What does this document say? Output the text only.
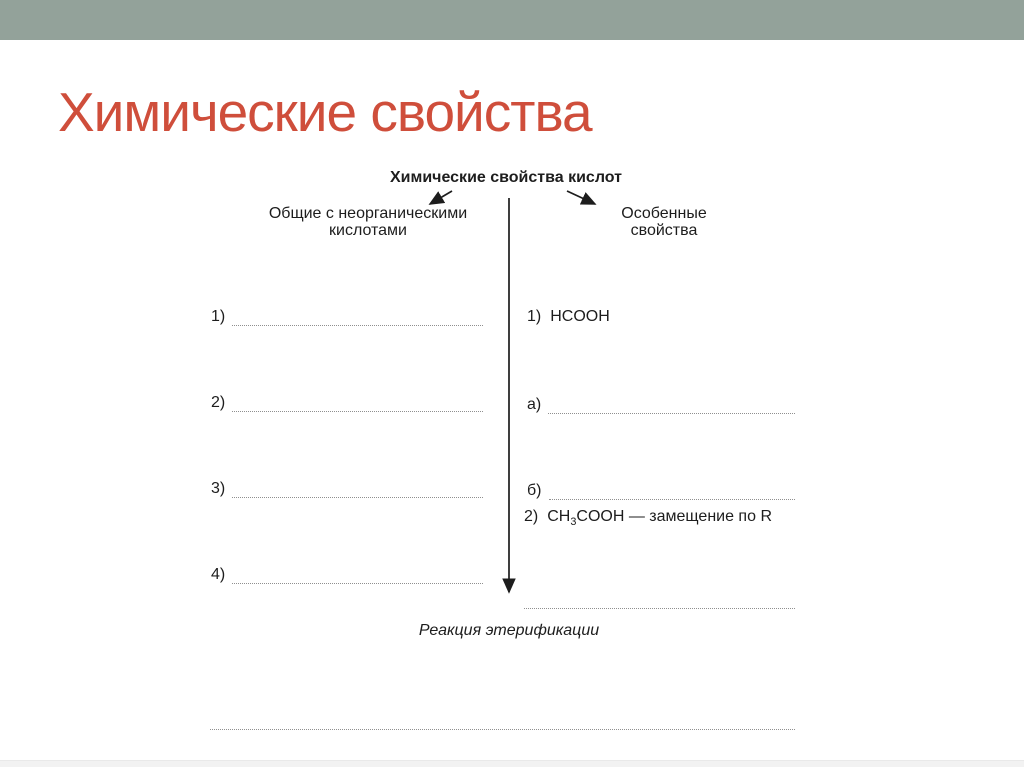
Химические свойства
Химические свойства кислот
Общие с неорганическими
кислотами
Особенные
свойства
1)
2)
3)
4)
1) HCOOH
а)
б)
2) $CH_3COOH$ — замещение по R
Реакция этерификации
